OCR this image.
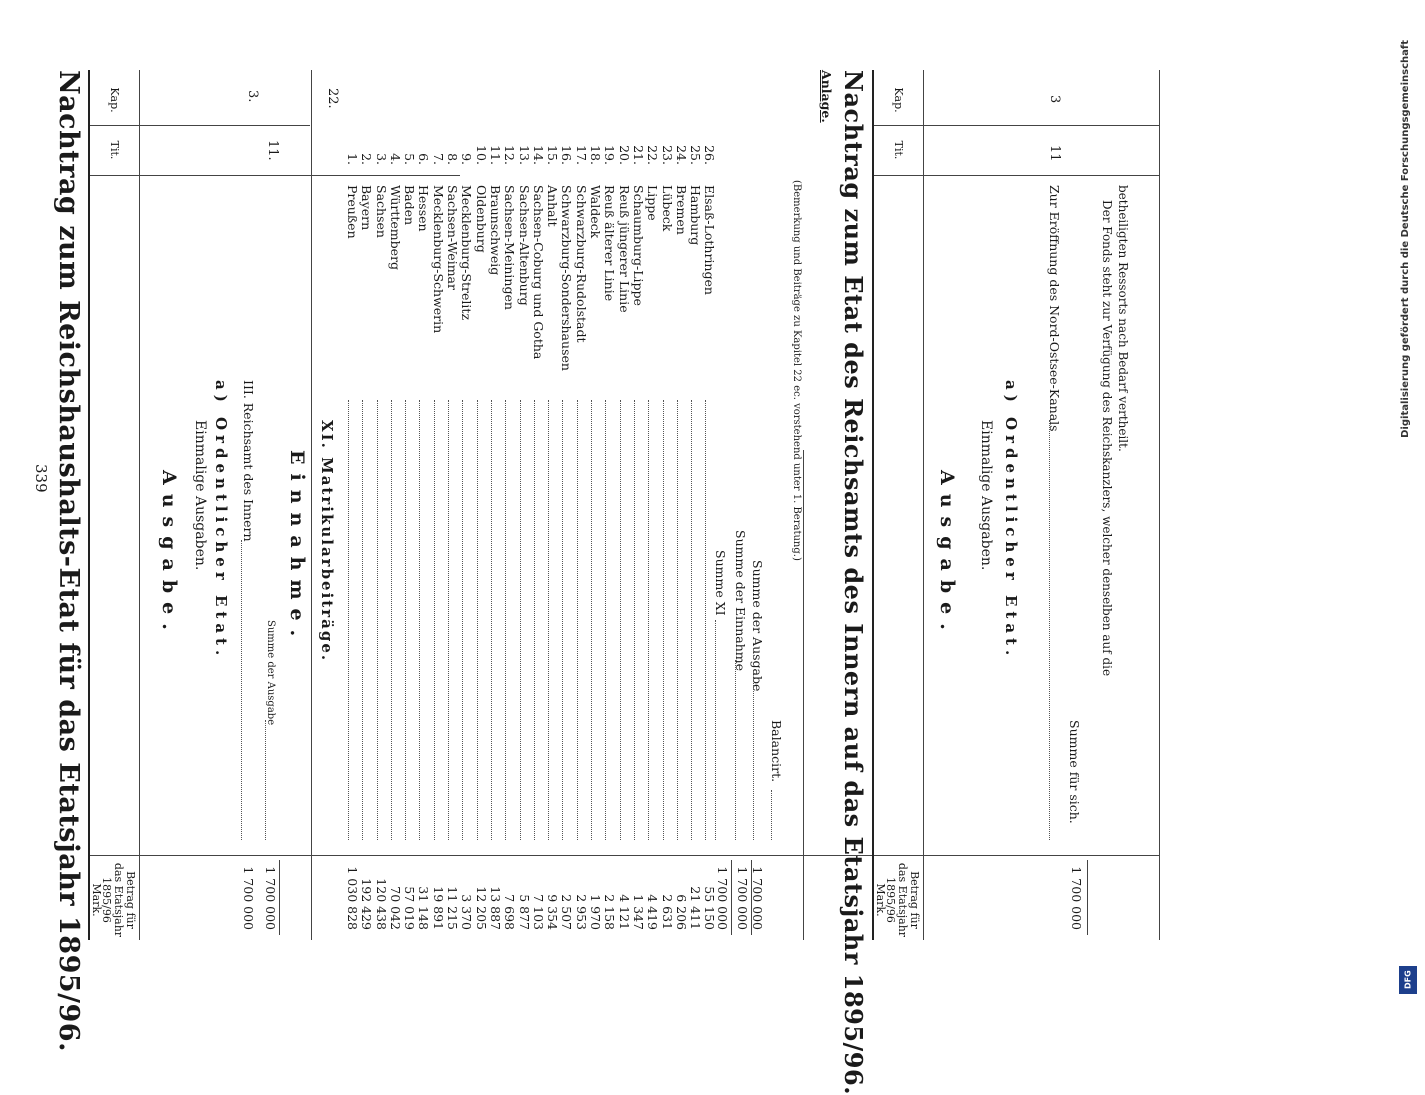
339 Nachtrag zum Reichshaushalts-Etat für das Etatsjahr 1895/96. Kap.
Tit.
Betrag für
das Etatsjahr
1895/96
Mark.
Ausgabe. Einmalige Ausgaben. a) Ordentlicher Etat. III. Reichsamt des Innern
3.
11.
1 700 000
Summe der Ausgabe
1 700 000
Einnahme.
22.
XI. Matrikularbeiträge.	Summe XI
1 700 000
Summe der Einnahme
1 700 000
Summe der Ausgabe
1 700 000
Balancirt.
(Bemerkung und Beiträge zu Kapitel 22 ec. vorstehend unter 1. Beratung.)
Anlage. Nachtrag zum Etat des Reichsamts des Innern auf das Etatsjahr 1895/96. Kap.
Tit.
Betrag für
das Etatsjahr
1895/96
Mark.
Ausgabe. Einmalige Ausgaben. a) Ordentlicher Etat.
3
11
Zur Eröffnung des Nord-Ostsee-Kanals
Summe für sich.
1 700 000
Der Fonds steht zur Verfügung des Reichskanzlers, welcher denselben auf die betheiligten Ressorts nach Bedarf vertheilt.
1.
Preußen
1 030 828
2.
Bayern
192 429
3.
Sachsen
120 438
4.
Württemberg
70 042
5.
Baden
57 019
6.
Hessen
31 148
7.
Mecklenburg-Schwerin
19 891
8.
Sachsen-Weimar
11 215
9.
Mecklenburg-Strelitz
3 370
10.
Oldenburg
12 205
11.
Braunschweig
13 887
12.
Sachsen-Meiningen
7 698
13.
Sachsen-Altenburg
5 877
14.
Sachsen-Coburg und Gotha
7 103
15.
Anhalt
9 354
16.
Schwarzburg-Sondershausen
2 507
17.
Schwarzburg-Rudolstadt
2 953
18.
Waldeck
1 970
19.
Reuß älterer Linie
2 158
20.
Reuß jüngerer Linie
4 121
21.
Schaumburg-Lippe
1 347
22.
Lippe
4 419
23.
Lübeck
2 631
24.
Bremen
6 206
25.
Hamburg
21 411
26.
Elsaß-Lothringen
55 150
Digitalisierung gefördert durch die Deutsche Forschungsgemeinschaft
DFG
